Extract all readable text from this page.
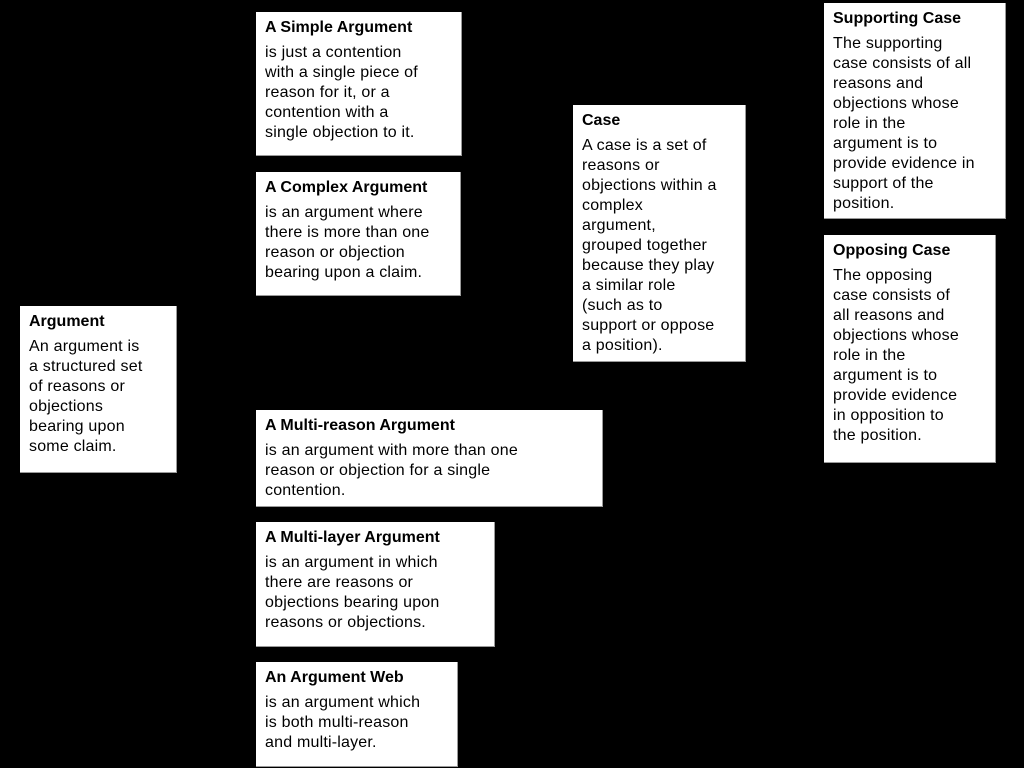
Argument
An argument is
a structured set
of reasons or
objections
bearing upon
some claim.
A Simple Argument
is just a contention
with a single piece of
reason for it, or a
contention with a
single objection to it.
A Complex Argument
is an argument where
there is more than one
reason or objection
bearing upon a claim.
Case
A case is a set of
reasons or
objections within a
complex
argument,
grouped together
because they play
a similar role
(such as to
support or oppose
a position).
Supporting Case
The supporting
case consists of all
reasons and
objections whose
role in the
argument is to
provide evidence in
support of the
position.
Opposing Case
The opposing
case consists of
all reasons and
objections whose
role in the
argument is to
provide evidence
in opposition to
the position.
A Multi-reason Argument
is an argument with more than one
reason or objection for a single
contention.
A Multi-layer Argument
is an argument in which
there are reasons or
objections bearing upon
reasons or objections.
An Argument Web
is an argument which
is both multi-reason
and multi-layer.
